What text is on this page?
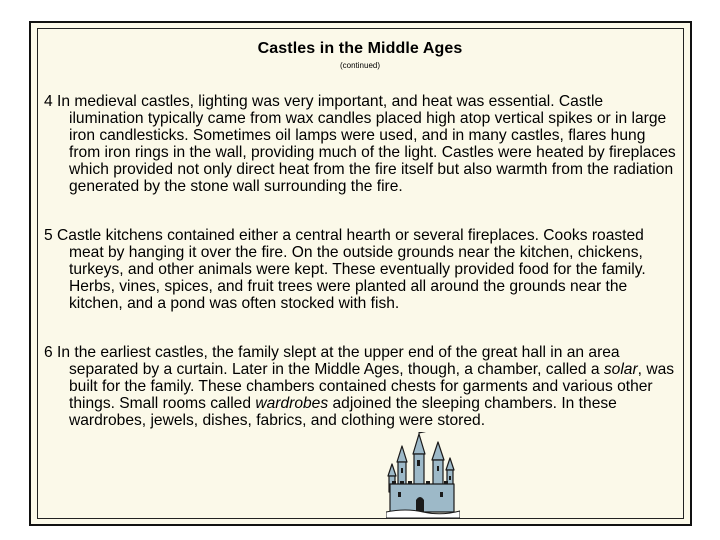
Castles in the Middle Ages
(continued)
4 In medieval castles, lighting was very important, and heat was essential. Castle ilumination typically came from wax candles placed high atop vertical spikes or in large iron candlesticks. Sometimes oil lamps were used, and in many castles, flares hung from iron rings in the wall, providing much of the light. Castles were heated by fireplaces which provided not only direct heat from the fire itself but also warmth from the radiation generated by the stone wall surrounding the fire.
5 Castle kitchens contained either a central hearth or several fireplaces. Cooks roasted meat by hanging it over the fire. On the outside grounds near the kitchen, chickens, turkeys, and other animals were kept. These eventually provided food for the family. Herbs, vines, spices, and fruit trees were planted all around the grounds near the kitchen, and a pond was often stocked with fish.
6 In the earliest castles, the family slept at the upper end of the great hall in an area separated by a curtain. Later in the Middle Ages, though, a chamber, called a solar, was built for the family. These chambers contained chests for garments and various other things. Small rooms called wardrobes adjoined the sleeping chambers. In these wardrobes, jewels, dishes, fabrics, and clothing were stored.
